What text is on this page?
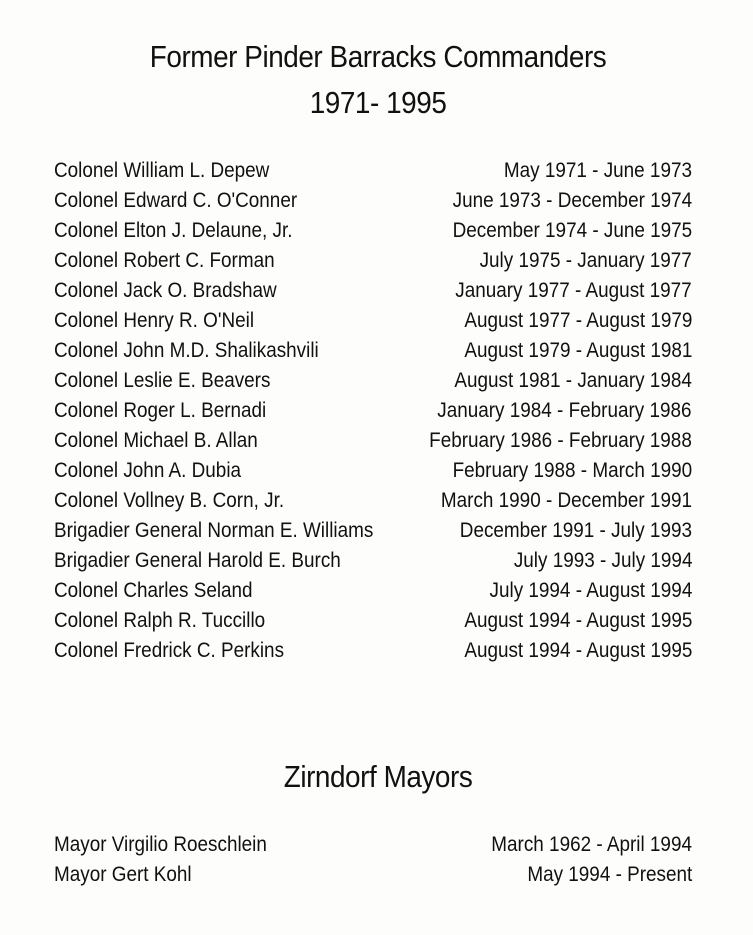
Former Pinder Barracks Commanders
1971- 1995
Colonel William L. Depew	May 1971 - June 1973
Colonel Edward C. O'Conner	June 1973 - December 1974
Colonel Elton J. Delaune, Jr.	December 1974 - June 1975
Colonel Robert C. Forman	July 1975 - January 1977
Colonel Jack O. Bradshaw	January 1977 - August 1977
Colonel Henry R. O'Neil	August 1977 - August 1979
Colonel John M.D. Shalikashvili	August 1979 - August 1981
Colonel Leslie E. Beavers	August 1981 - January 1984
Colonel Roger L. Bernadi	January 1984 - February 1986
Colonel Michael B. Allan	February 1986 - February 1988
Colonel John A. Dubia	February 1988 - March 1990
Colonel Vollney B. Corn, Jr.	March 1990 - December 1991
Brigadier General Norman E. Williams	December 1991 - July 1993
Brigadier General Harold E. Burch	July 1993 - July 1994
Colonel Charles Seland	July 1994 - August 1994
Colonel Ralph R. Tuccillo	August 1994 - August 1995
Colonel Fredrick C. Perkins	August 1994 - August 1995
Zirndorf Mayors
Mayor Virgilio Roeschlein	March 1962 - April 1994
Mayor Gert Kohl	May 1994 - Present
